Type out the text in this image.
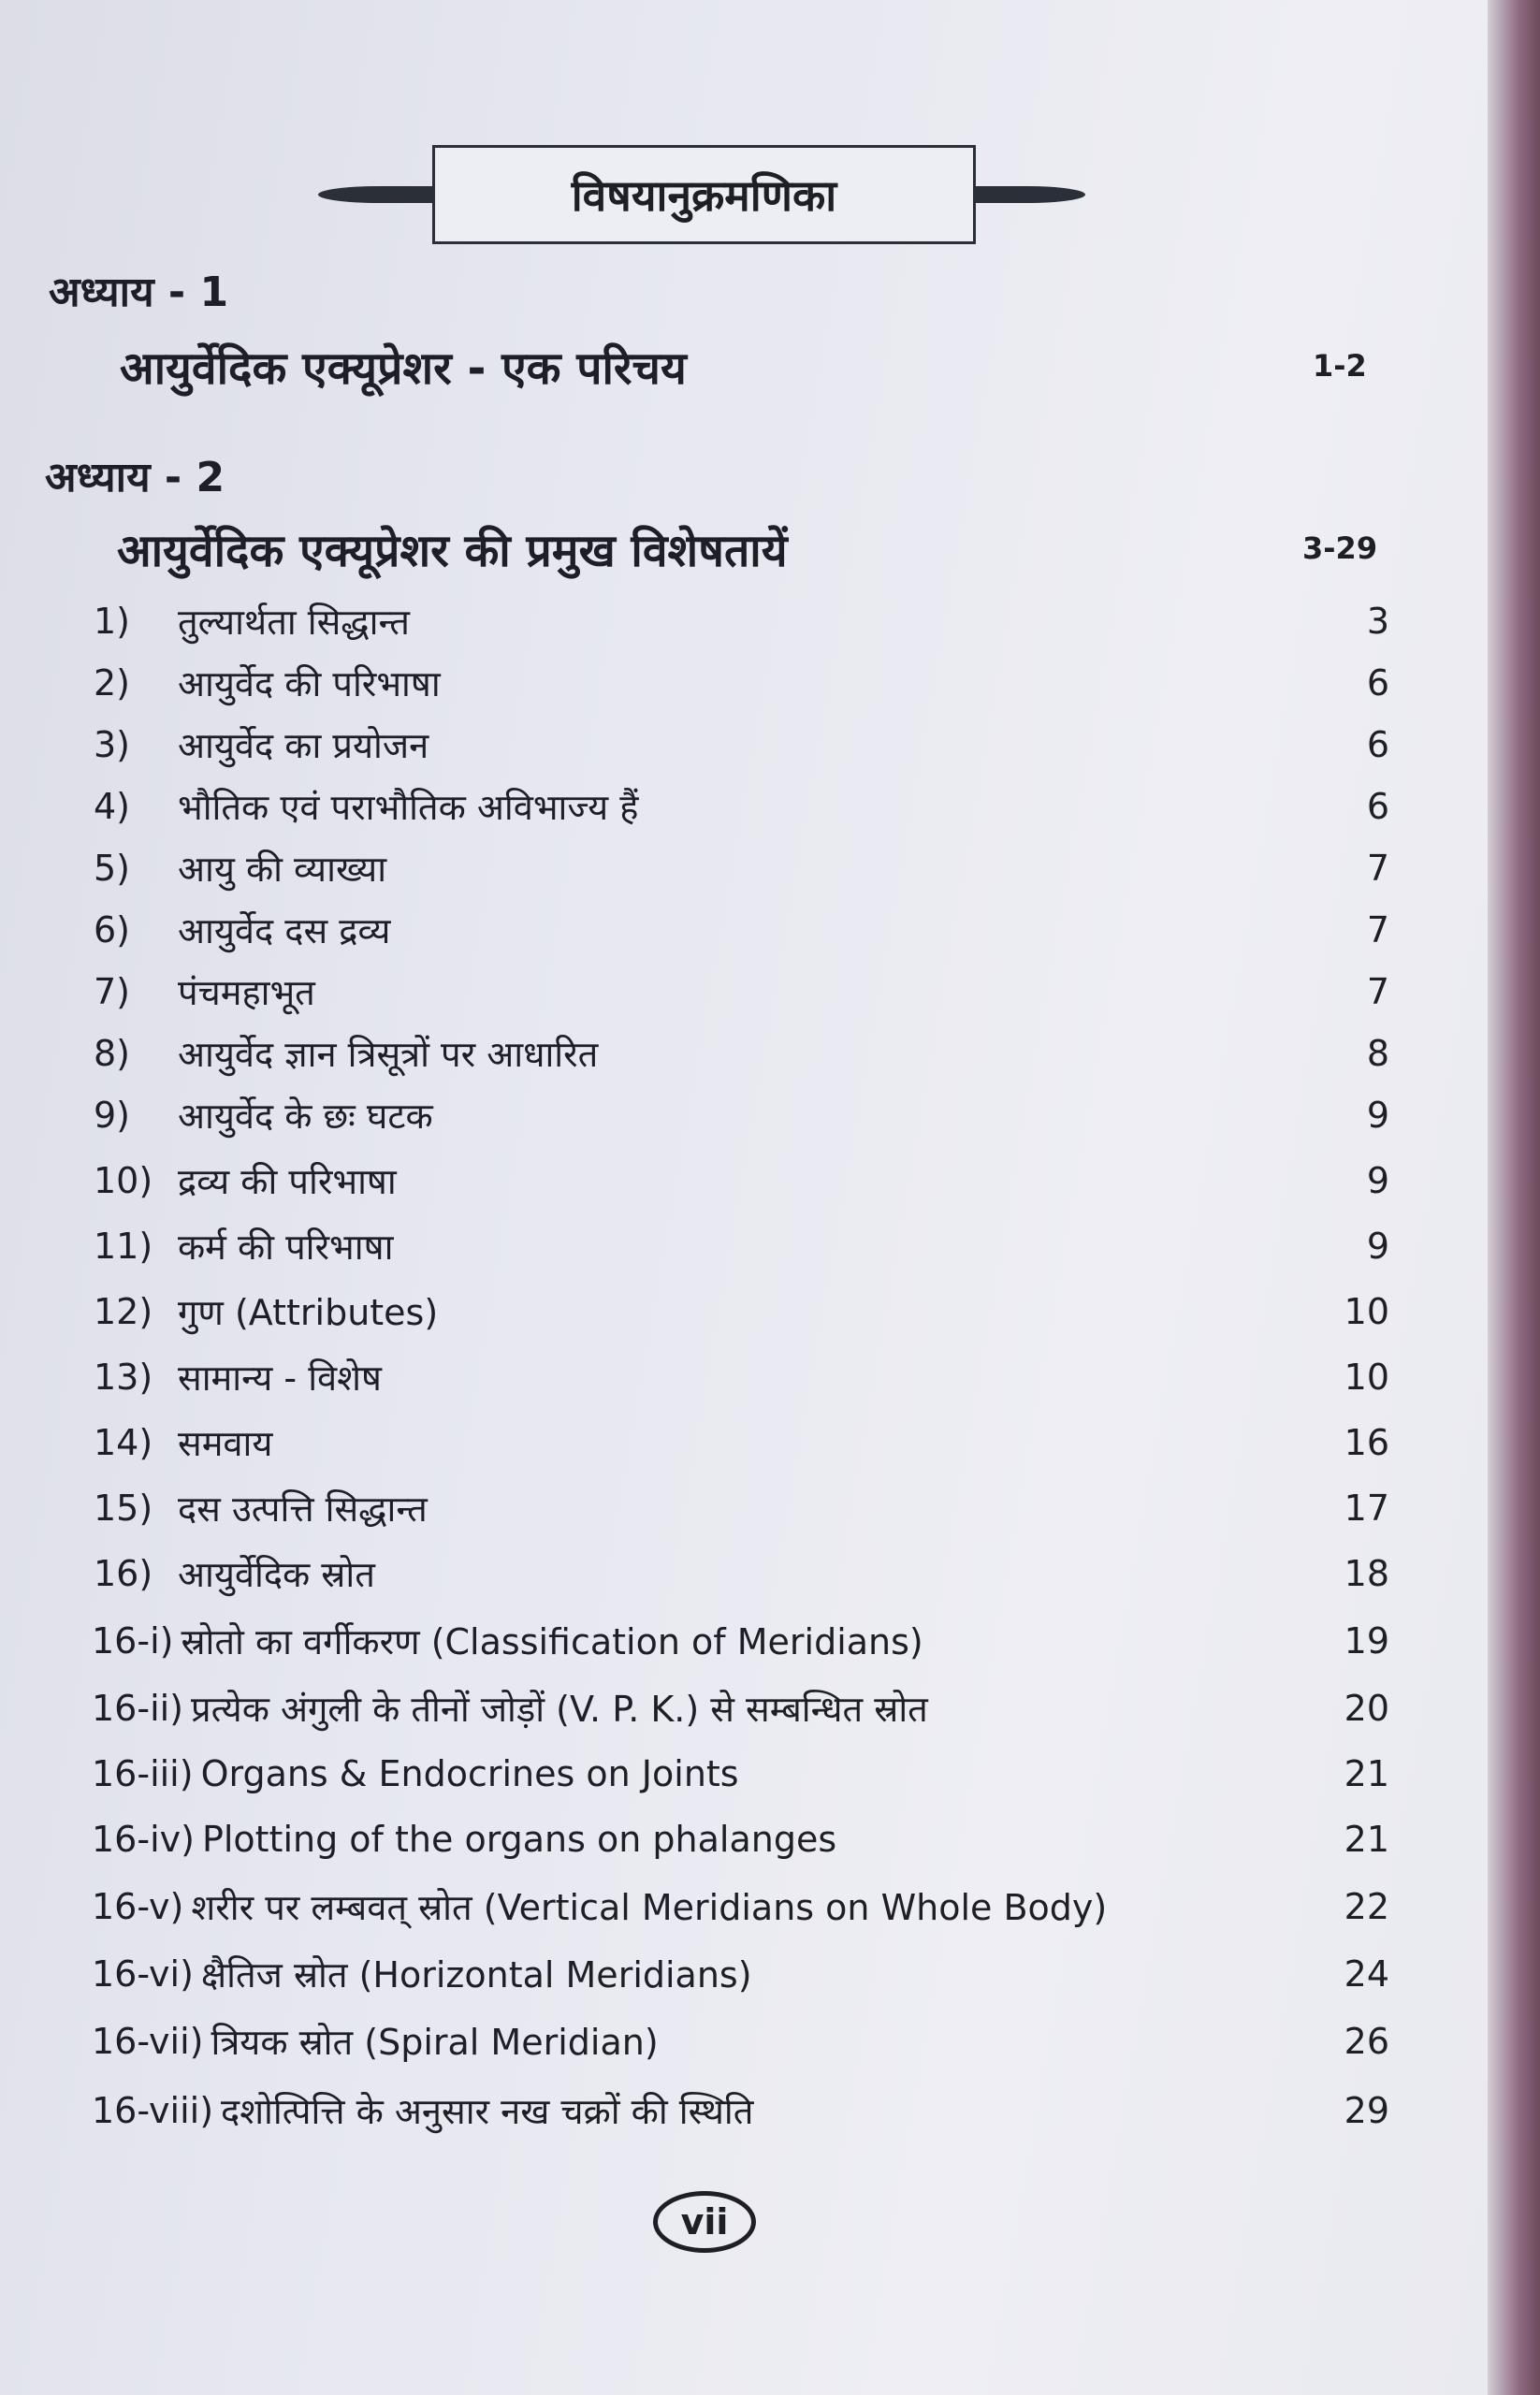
विषयानुक्रमणिका
अध्याय - 1
आयुर्वेदिक एक्यूप्रेशर - एक परिचय	1-2
अध्याय - 2
आयुर्वेदिक एक्यूप्रेशर की प्रमुख विशेषतायें	3-29
1)	तुल्यार्थता सिद्धान्त	3
2)	आयुर्वेद की परिभाषा	6
3)	आयुर्वेद का प्रयोजन	6
4)	भौतिक एवं पराभौतिक अविभाज्य हैं	6
5)	आयु की व्याख्या	7
6)	आयुर्वेद दस द्रव्य	7
7)	पंचमहाभूत	7
8)	आयुर्वेद ज्ञान त्रिसूत्रों पर आधारित	8
9)	आयुर्वेद के छः घटक	9
10) द्रव्य की परिभाषा	9
11) कर्म की परिभाषा	9
12) गुण (Attributes)	10
13) सामान्य - विशेष	10
14) समवाय	16
15) दस उत्पत्ति सिद्धान्त	17
16) आयुर्वेदिक स्रोत	18
16-i) स्रोतो का वर्गीकरण (Classification of Meridians)	19
16-ii) प्रत्येक अंगुली के तीनों जोड़ों (V. P. K.) से सम्बन्धित स्रोत	20
16-iii) Organs & Endocrines on Joints	21
16-iv) Plotting of the organs on phalanges	21
16-v) शरीर पर लम्बवत् स्रोत (Vertical Meridians on Whole Body)	22
16-vi) क्षैतिज स्रोत (Horizontal Meridians)	24
16-vii) त्रियक स्रोत (Spiral Meridian)	26
16-viii) दशोत्पित्ति के अनुसार नख चक्रों की स्थिति	29
vii
